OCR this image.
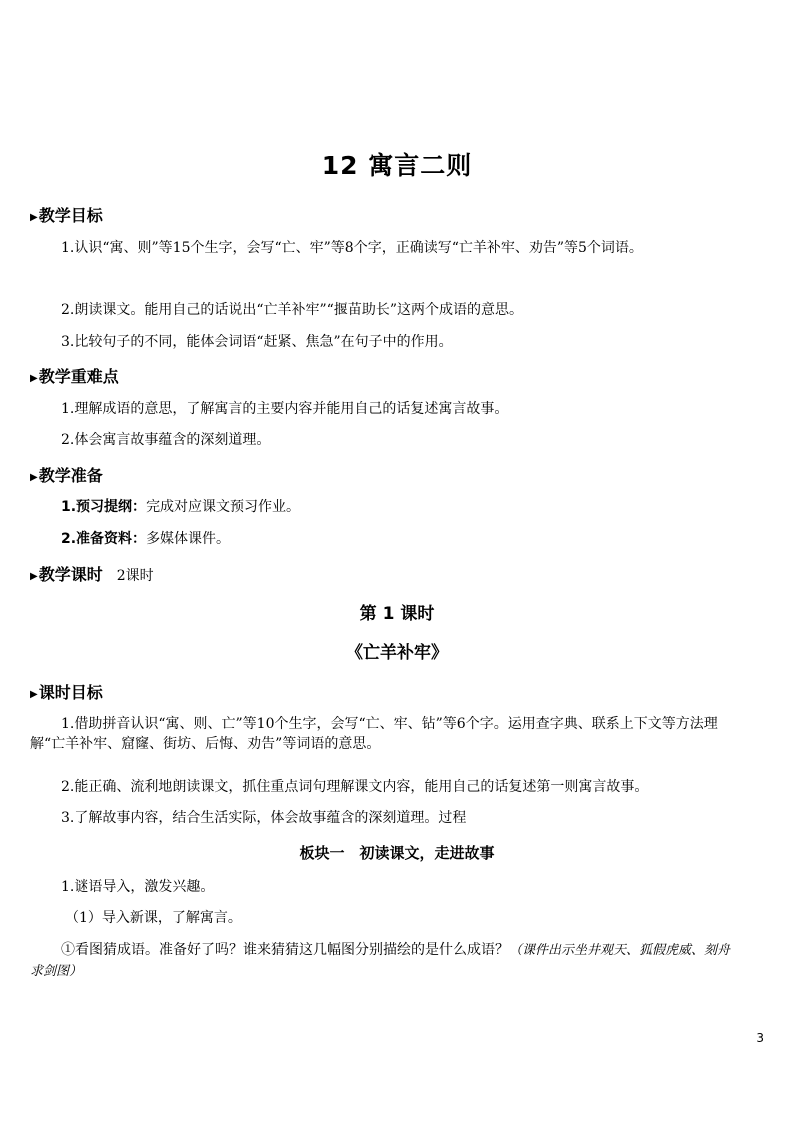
12 寓言二则
▶教学目标
1.认识“寓、则”等15个生字，会写“亡、牢”等8个字，正确读写“亡羊补牢、劝告”等5个词语。
2.朗读课文。能用自己的话说出“亡羊补牢”“揠苗助长”这两个成语的意思。
3.比较句子的不同，能体会词语“赶紧、焦急”在句子中的作用。
▶教学重难点
1.理解成语的意思，了解寓言的主要内容并能用自己的话复述寓言故事。
2.体会寓言故事蕴含的深刻道理。
▶教学准备
1.预习提纲：完成对应课文预习作业。
2.准备资料：多媒体课件。
▶教学课时 2课时
第 1 课时
《亡羊补牢》
▶课时目标
1.借助拼音认识“寓、则、亡”等10个生字，会写“亡、牢、钻”等6个字。运用查字典、联系上下文等方法理解“亡羊补牢、窟窿、街坊、后悔、劝告”等词语的意思。
2.能正确、流利地朗读课文，抓住重点词句理解课文内容，能用自己的话复述第一则寓言故事。
3.了解故事内容，结合生活实际，体会故事蕴含的深刻道理。过程
板块一　初读课文，走进故事
1.谜语导入，激发兴趣。
（1）导入新课，了解寓言。
①看图猜成语。准备好了吗？谁来猜猜这几幅图分别描绘的是什么成语？（课件出示坐井观天、狐假虎威、刻舟求剑图）
3
